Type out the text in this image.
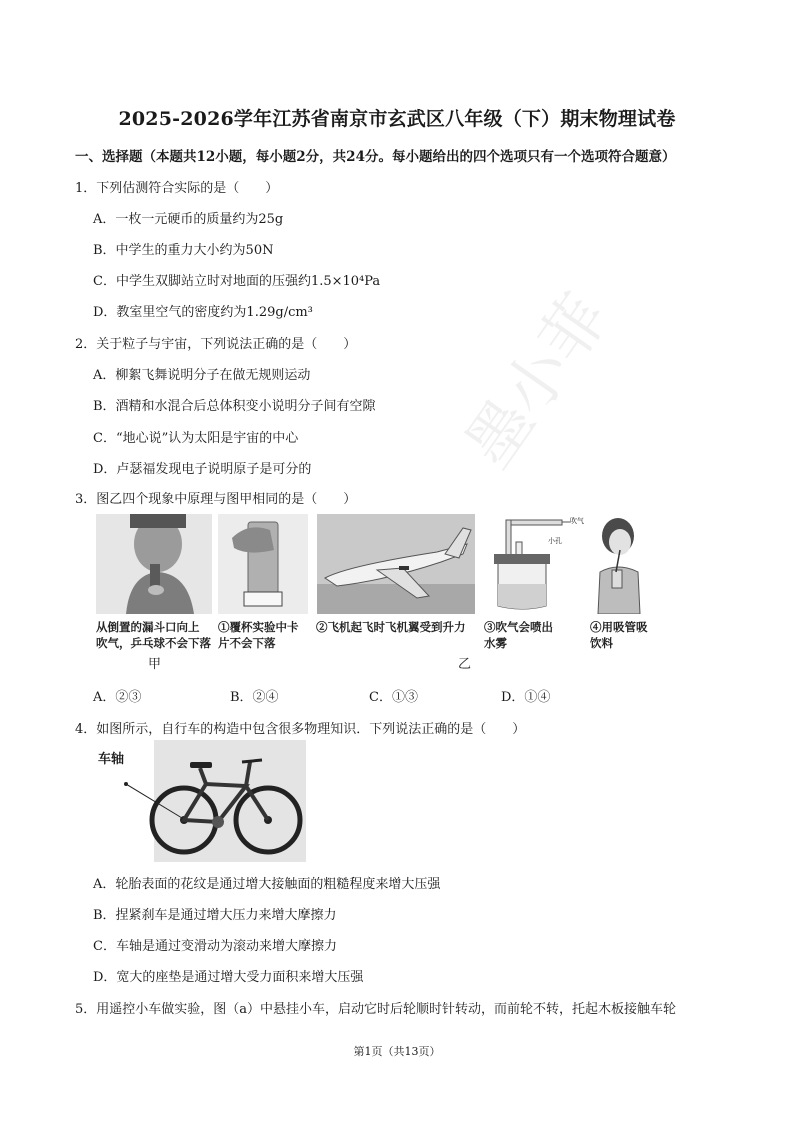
墨小菲
2025-2026学年江苏省南京市玄武区八年级（下）期末物理试卷
一、选择题（本题共12小题，每小题2分，共24分。每小题给出的四个选项只有一个选项符合题意）
1．下列估测符合实际的是（　　）
A．一枚一元硬币的质量约为25g
B．中学生的重力大小约为50N
C．中学生双脚站立时对地面的压强约1.5×10⁴Pa
D．教室里空气的密度约为1.29g/cm³
2．关于粒子与宇宙，下列说法正确的是（　　）
A．柳絮飞舞说明分子在做无规则运动
B．酒精和水混合后总体积变小说明分子间有空隙
C．“地心说”认为太阳是宇宙的中心
D．卢瑟福发现电子说明原子是可分的
3．图乙四个现象中原理与图甲相同的是（　　）
从倒置的漏斗口向上
吹气，乒乓球不会下落
①覆杯实验中卡
片不会下落
②飞机起飞时飞机翼受到升力
吹气
小孔
③吹气会喷出
水雾
④用吸管吸
饮料
甲	乙
A．②③	B．②④	C．①③	D．①④
4．如图所示，自行车的构造中包含很多物理知识．下列说法正确的是（　　）
车轴
A．轮胎表面的花纹是通过增大接触面的粗糙程度来增大压强
B．捏紧刹车是通过增大压力来增大摩擦力
C．车轴是通过变滑动为滚动来增大摩擦力
D．宽大的座垫是通过增大受力面积来增大压强
5．用遥控小车做实验，图（a）中悬挂小车，启动它时后轮顺时针转动，而前轮不转，托起木板接触车轮
第1页（共13页）
